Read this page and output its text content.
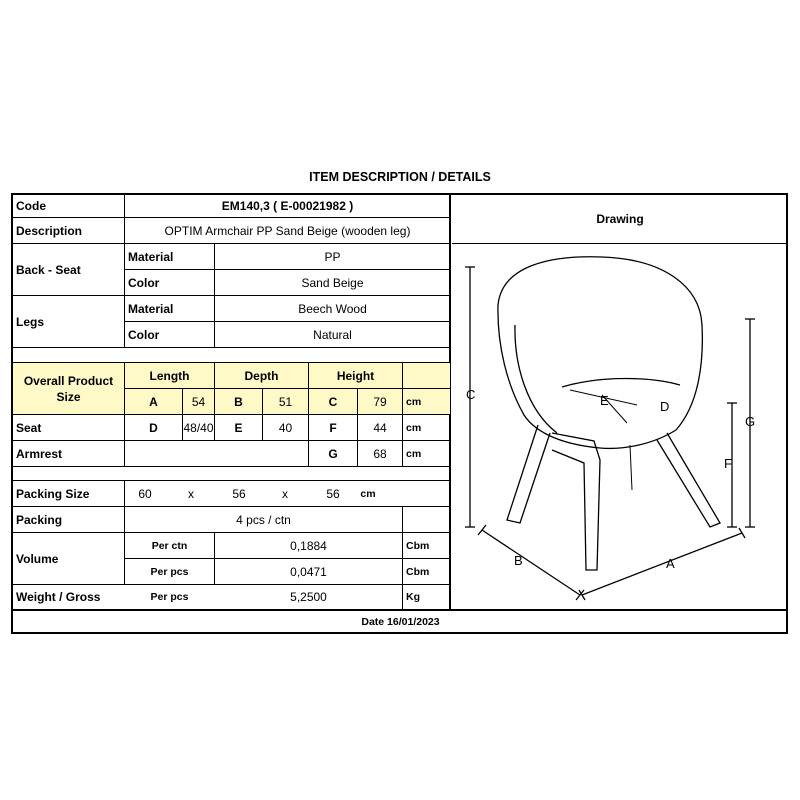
ITEM DESCRIPTION / DETAILS
Code	EM140,3 ( E-00021982 )
Description	OPTIM Armchair PP Sand Beige (wooden leg)
Back - Seat
Material	PP
Color	Sand Beige
Legs
Material	Beech Wood
Color	Natural
Overall Product Size
Length	Depth	Height
A	54	B	51	C	79	cm
Seat	D	48/40	E	40	F	44	cm
Armrest	G	68	cm
Packing Size	60	x	56	x	56	cm
Packing	4 pcs / ctn
Volume
Per ctn	0,1884	Cbm
Per pcs	0,0471	Cbm
Weight / Gross	Per pcs	5,2500	Kg
Drawing
Date 16/01/2023
C	E	D
G
F
B	A
